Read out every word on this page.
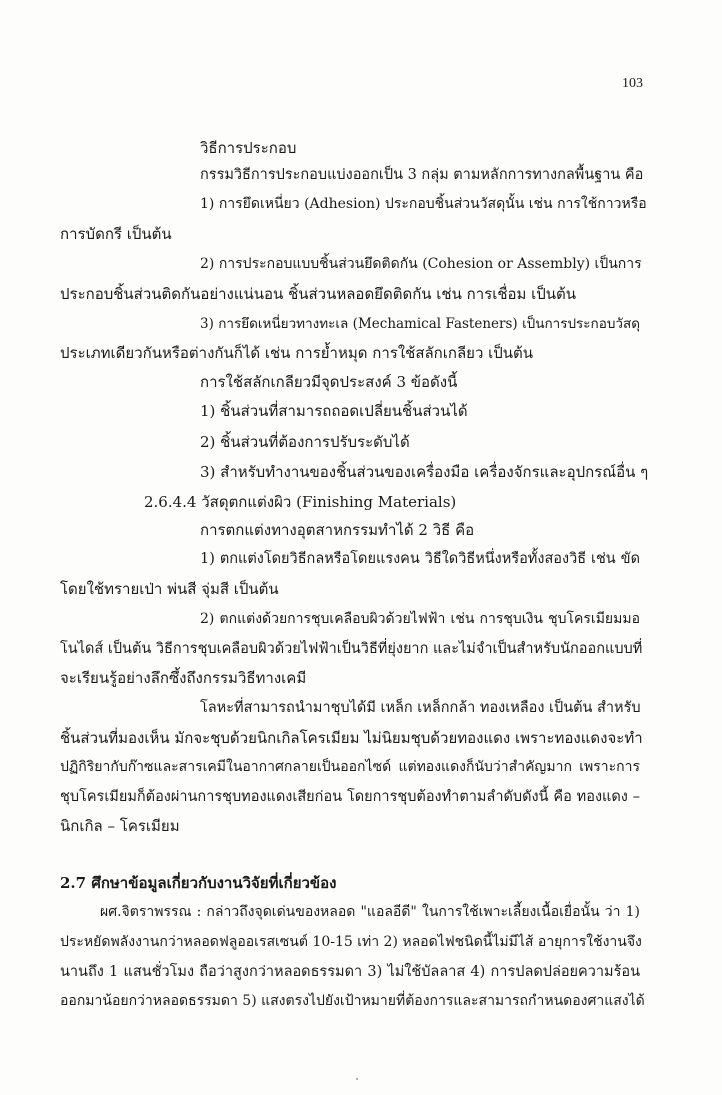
103
วิธีการประกอบ
กรรมวิธีการประกอบแบ่งออกเป็น 3 กลุ่ม ตามหลักการทางกลพื้นฐาน คือ
1) การยึดเหนี่ยว (Adhesion) ประกอบชิ้นส่วนวัสดุนั้น เช่น การใช้กาวหรือ
การบัดกรี เป็นต้น
2) การประกอบแบบชิ้นส่วนยึดติดกัน (Cohesion or Assembly) เป็นการ
ประกอบชิ้นส่วนติดกันอย่างแน่นอน ชิ้นส่วนหลอดยึดติดกัน เช่น การเชื่อม เป็นต้น
3) การยึดเหนี่ยวทางทะเล (Mechamical Fasteners) เป็นการประกอบวัสดุ
ประเภทเดียวกันหรือต่างกันก็ได้ เช่น การย้ำหมุด การใช้สลักเกลียว เป็นต้น
การใช้สลักเกลียวมีจุดประสงค์ 3 ข้อดังนี้
1) ชิ้นส่วนที่สามารถถอดเปลี่ยนชิ้นส่วนได้
2) ชิ้นส่วนที่ต้องการปรับระดับได้
3) สำหรับทำงานของชิ้นส่วนของเครื่องมือ เครื่องจักรและอุปกรณ์อื่น ๆ
2.6.4.4 วัสดุตกแต่งผิว (Finishing Materials)
การตกแต่งทางอุตสาหกรรมทำได้ 2 วิธี คือ
1) ตกแต่งโดยวิธีกลหรือโดยแรงคน วิธีใดวิธีหนึ่งหรือทั้งสองวิธี เช่น ขัด
โดยใช้ทรายเป่า พ่นสี จุ่มสี เป็นต้น
2) ตกแต่งด้วยการชุบเคลือบผิวด้วยไฟฟ้า เช่น การชุบเงิน ชุบโครเมียมมอ
โนไดส์ เป็นต้น วิธีการชุบเคลือบผิวด้วยไฟฟ้าเป็นวิธีที่ยุ่งยาก และไม่จำเป็นสำหรับนักออกแบบที่
จะเรียนรู้อย่างลึกซึ้งถึงกรรมวิธีทางเคมี
โลหะที่สามารถนำมาชุบได้มี เหล็ก เหล็กกล้า ทองเหลือง เป็นต้น สำหรับ
ชิ้นส่วนที่มองเห็น มักจะชุบด้วยนิกเกิลโครเมียม ไม่นิยมชุบด้วยทองแดง เพราะทองแดงจะทำ
ปฏิกิริยากับก๊าซและสารเคมีในอากาศกลายเป็นออกไซด์ แต่ทองแดงก็นับว่าสำคัญมาก เพราะการ
ชุบโครเมียมก็ต้องผ่านการชุบทองแดงเสียก่อน โดยการชุบต้องทำตามลำดับดังนี้ คือ ทองแดง –
นิกเกิล – โครเมียม
2.7 ศึกษาข้อมูลเกี่ยวกับงานวิจัยที่เกี่ยวข้อง
ผศ.จิตราพรรณ : กล่าวถึงจุดเด่นของหลอด "แอลอีดี" ในการใช้เพาะเลี้ยงเนื้อเยื่อนั้น ว่า 1)
ประหยัดพลังงานกว่าหลอดฟลูออเรสเซนต์ 10-15 เท่า 2) หลอดไฟชนิดนี้ไม่มีไส้ อายุการใช้งานจึง
นานถึง 1 แสนชั่วโมง ถือว่าสูงกว่าหลอดธรรมดา 3) ไม่ใช้บัลลาส 4) การปลดปล่อยความร้อน
ออกมาน้อยกว่าหลอดธรรมดา 5) แสงตรงไปยังเป้าหมายที่ต้องการและสามารถกำหนดองศาแสงได้
